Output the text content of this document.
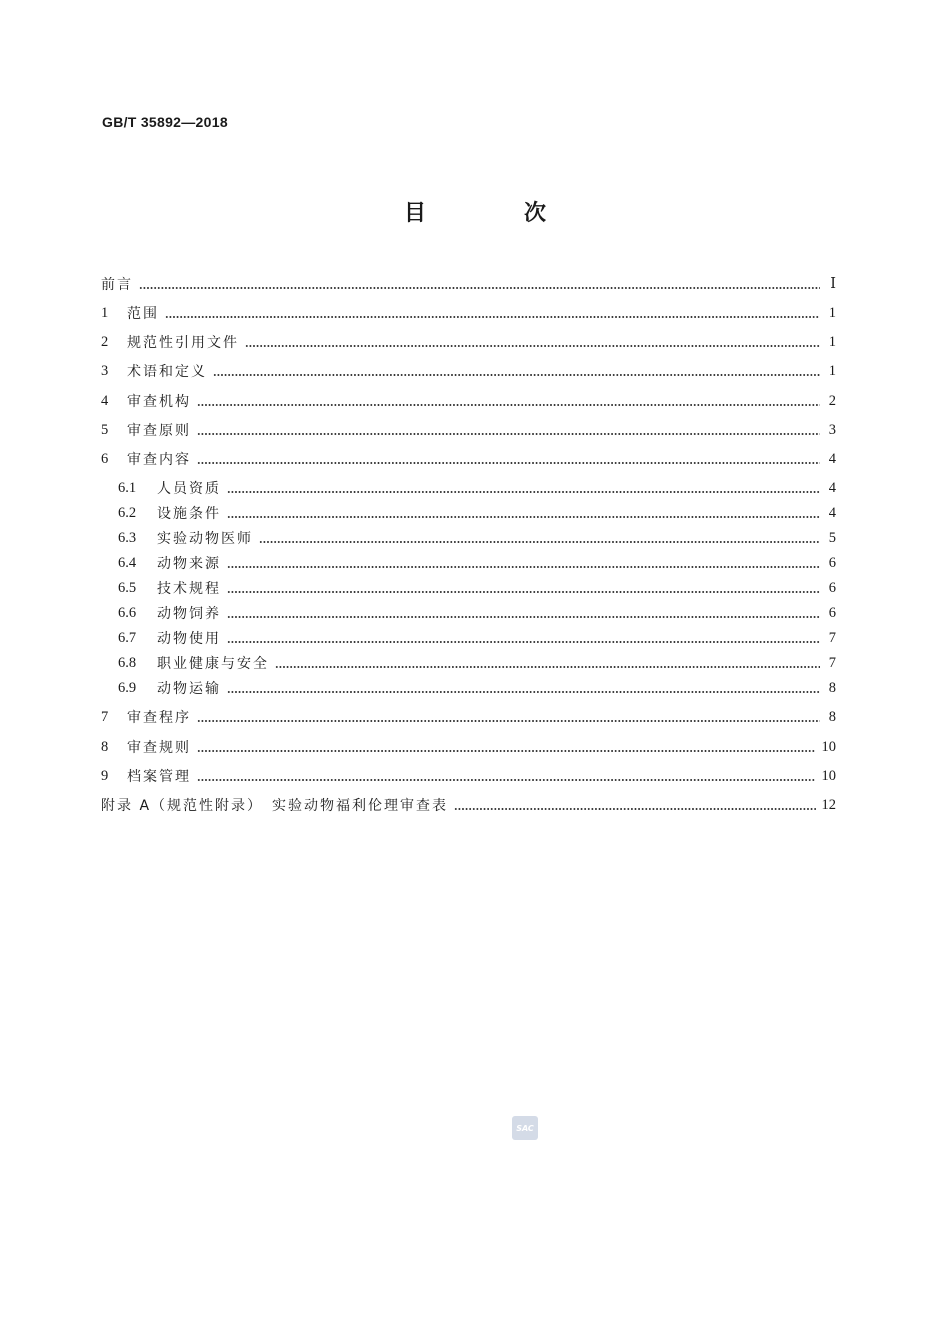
GB/T 35892—2018
目　次
前言	Ⅰ
1	范围	1
2	规范性引用文件	1
3	术语和定义	1
4	审查机构	2
5	审查原则	3
6	审查内容	4
6.1	人员资质	4
6.2	设施条件	4
6.3	实验动物医师	5
6.4	动物来源	6
6.5	技术规程	6
6.6	动物饲养	6
6.7	动物使用	7
6.8	职业健康与安全	7
6.9	动物运输	8
7	审查程序	8
8	审查规则	10
9	档案管理	10
附录 A（规范性附录）　实验动物福利伦理审查表	12
SAC
